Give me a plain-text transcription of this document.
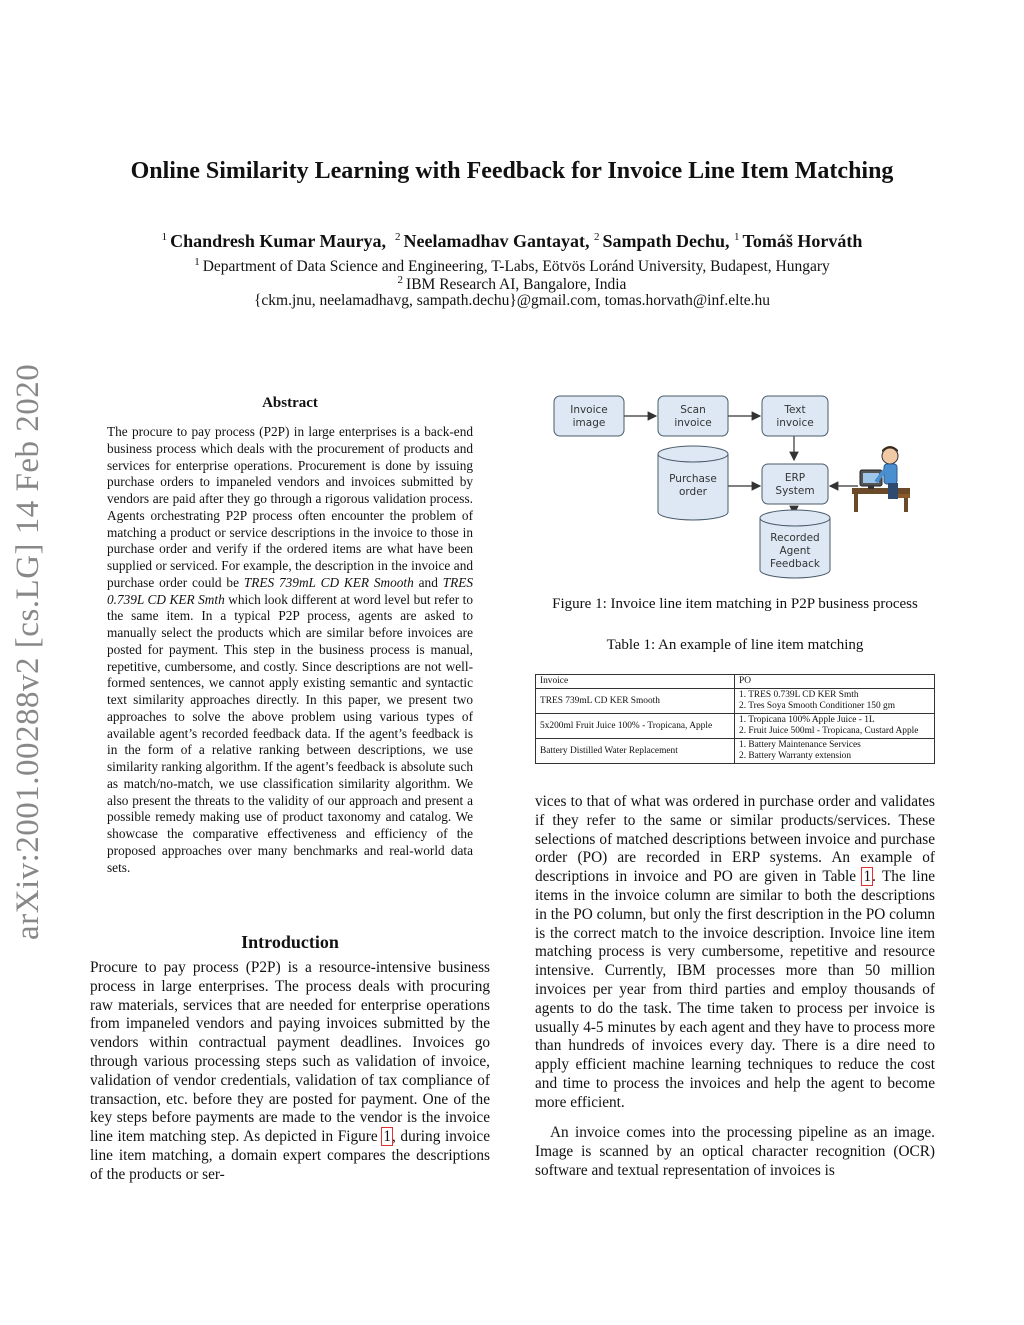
arXiv:2001.00288v2 [cs.LG] 14 Feb 2020
Online Similarity Learning with Feedback for Invoice Line Item Matching
$^1$ Chandresh Kumar Maurya, $^2$ Neelamadhav Gantayat, $^2$ Sampath Dechu, $^1$ Tomáš Horváth
$^1$ Department of Data Science and Engineering, T-Labs, Eötvös Loránd University, Budapest, Hungary
$^2$ IBM Research AI, Bangalore, India
{ckm.jnu, neelamadhavg, sampath.dechu}@gmail.com, tomas.horvath@inf.elte.hu
Abstract
The procure to pay process (P2P) in large enterprises is a back-end business process which deals with the procurement of products and services for enterprise operations. Procurement is done by issuing purchase orders to impaneled vendors and invoices submitted by vendors are paid after they go through a rigorous validation process. Agents orchestrating P2P process often encounter the problem of matching a product or service descriptions in the invoice to those in purchase order and verify if the ordered items are what have been supplied or serviced. For example, the description in the invoice and purchase order could be TRES 739mL CD KER Smooth and TRES 0.739L CD KER Smth which look different at word level but refer to the same item. In a typical P2P process, agents are asked to manually select the products which are similar before invoices are posted for payment. This step in the business process is manual, repetitive, cumbersome, and costly. Since descriptions are not well-formed sentences, we cannot apply existing semantic and syntactic text similarity approaches directly. In this paper, we present two approaches to solve the above problem using various types of available agent’s recorded feedback data. If the agent’s feedback is in the form of a relative ranking between descriptions, we use similarity ranking algorithm. If the agent’s feedback is absolute such as match/no-match, we use classification similarity algorithm. We also present the threats to the validity of our approach and present a possible remedy making use of product taxonomy and catalog. We showcase the comparative effectiveness and efficiency of the proposed approaches over many benchmarks and real-world data sets.
Introduction
Procure to pay process (P2P) is a resource-intensive business process in large enterprises. The process deals with procuring raw materials, services that are needed for enterprise operations from impaneled vendors and paying invoices submitted by the vendors within contractual payment deadlines. Invoices go through various processing steps such as validation of invoice, validation of vendor credentials, validation of tax compliance of transaction, etc. before they are posted for payment. One of the key steps before payments are made to the vendor is the invoice line item matching step. As depicted in Figure 1, during invoice line item matching, a domain expert compares the descriptions of the products or ser-
Invoice
image
Scan
invoice
Text
invoice
Purchase
order
ERP
System
Recorded
Agent
Feedback
Figure 1: Invoice line item matching in P2P business process
Table 1: An example of line item matching
Invoice	PO
TRES 739mL CD KER Smooth	1. TRES 0.739L CD KER Smth
2. Tres Soya Smooth Conditioner 150 gm

5x200ml Fruit Juice 100% - Tropicana, Apple	1. Tropicana 100% Apple Juice - 1L
2. Fruit Juice 500ml - Tropicana, Custard Apple

Battery Distilled Water Replacement	1. Battery Maintenance Services
2. Battery Warranty extension
vices to that of what was ordered in purchase order and validates if they refer to the same or similar products/services. These selections of matched descriptions between invoice and purchase order (PO) are recorded in ERP systems. An example of descriptions in invoice and PO are given in Table 1. The line items in the invoice column are similar to both the descriptions in the PO column, but only the first description in the PO column is the correct match to the invoice description. Invoice line item matching process is very cumbersome, repetitive and resource intensive. Currently, IBM processes more than 50 million invoices per year from third parties and employ thousands of agents to do the task. The time taken to process per invoice is usually 4-5 minutes by each agent and they have to process more than hundreds of invoices every day. There is a dire need to apply efficient machine learning techniques to reduce the cost and time to process the invoices and help the agent to become more efficient.
An invoice comes into the processing pipeline as an image. Image is scanned by an optical character recognition (OCR) software and textual representation of invoices is
